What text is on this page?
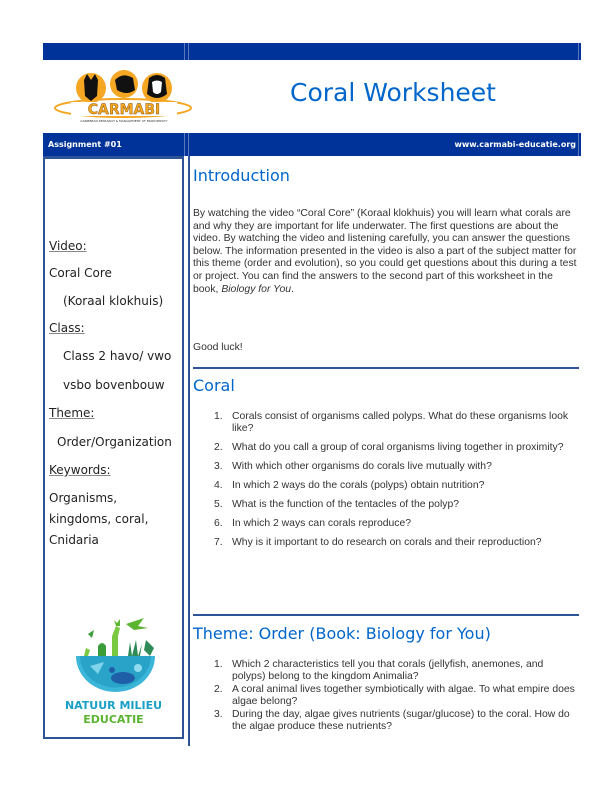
CARMABI
CARIBBEAN RESEARCH & MANAGEMENT OF BIODIVERSITY
Coral Worksheet
Assignment #01	www.carmabi-educatie.org
Video:
Coral Core
(Koraal klokhuis)
Class:
Class 2 havo/ vwo
vsbo bovenbouw
Theme:
Order/Organization
Keywords:
Organisms,
kingdoms, coral,
Cnidaria
NATUUR MILIEU
EDUCATIE
Introduction
By watching the video “Coral Core” (Koraal klokhuis) you will learn what corals are and why they are important for life underwater. The first questions are about the video. By watching the video and listening carefully, you can answer the questions below. The information presented in the video is also a part of the subject matter for this theme (order and evolution), so you could get questions about this during a test or project. You can find the answers to the second part of this worksheet in the book, Biology for You.
Good luck!
Coral
1. Corals consist of organisms called polyps. What do these organisms look like?
2. What do you call a group of coral organisms living together in proximity?
3. With which other organisms do corals live mutually with?
4. In which 2 ways do the corals (polyps) obtain nutrition?
5. What is the function of the tentacles of the polyp?
6. In which 2 ways can corals reproduce?
7. Why is it important to do research on corals and their reproduction?
Theme: Order (Book: Biology for You)
1. Which 2 characteristics tell you that corals (jellyfish, anemones, and polyps) belong to the kingdom Animalia?
2. A coral animal lives together symbiotically with algae. To what empire does algae belong?
3. During the day, algae gives nutrients (sugar/glucose) to the coral. How do the algae produce these nutrients?
